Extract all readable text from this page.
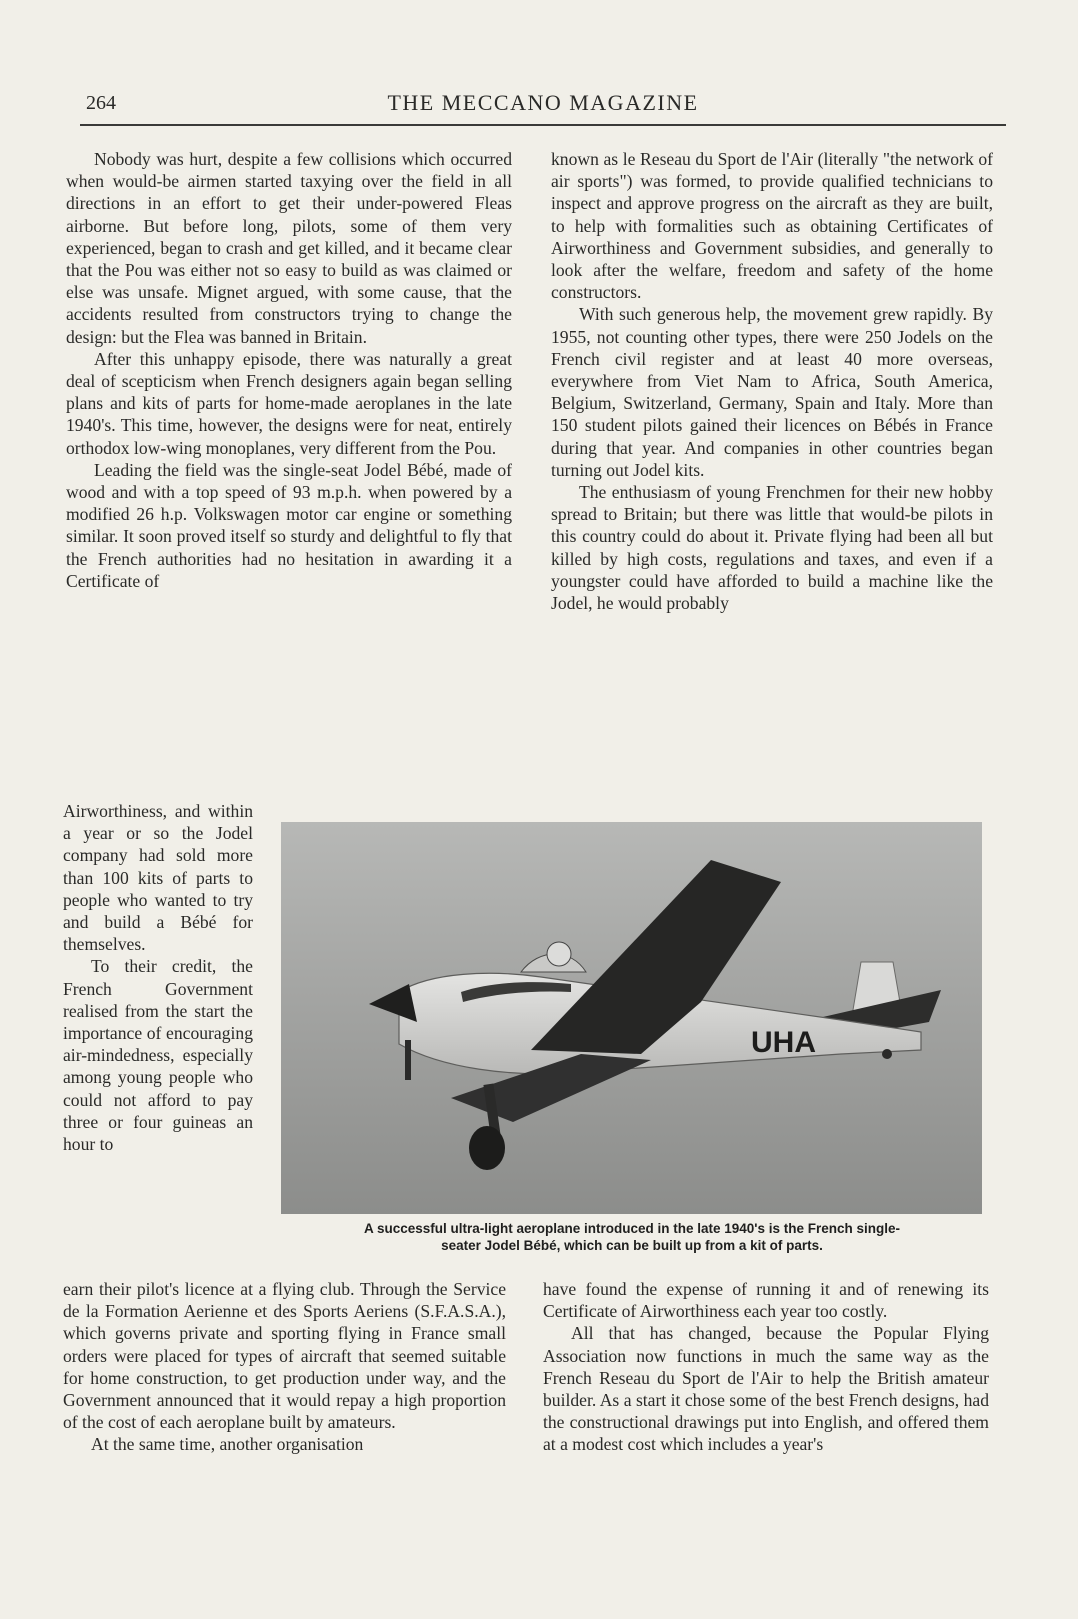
264	THE MECCANO MAGAZINE

Nobody was hurt, despite a few collisions which occurred when would-be airmen started taxying over the field in all directions in an effort to get their under-powered Fleas airborne. But before long, pilots, some of them very experienced, began to crash and get killed, and it became clear that the Pou was either not so easy to build as was claimed or else was unsafe. Mignet argued, with some cause, that the accidents resulted from constructors trying to change the design: but the Flea was banned in Britain.

After this unhappy episode, there was naturally a great deal of scepticism when French designers again began selling plans and kits of parts for home-made aeroplanes in the late 1940's. This time, however, the designs were for neat, entirely orthodox low-wing monoplanes, very different from the Pou.

Leading the field was the single-seat Jodel Bébé, made of wood and with a top speed of 93 m.p.h. when powered by a modified 26 h.p. Volkswagen motor car engine or something similar. It soon proved itself so sturdy and delightful to fly that the French authorities had no hesitation in awarding it a Certificate of

known as le Reseau du Sport de l'Air (literally "the network of air sports") was formed, to provide qualified technicians to inspect and approve progress on the aircraft as they are built, to help with formalities such as obtaining Certificates of Airworthiness and Government subsidies, and generally to look after the welfare, freedom and safety of the home constructors.

With such generous help, the movement grew rapidly. By 1955, not counting other types, there were 250 Jodels on the French civil register and at least 40 more overseas, everywhere from Viet Nam to Africa, South America, Belgium, Switzerland, Germany, Spain and Italy. More than 150 student pilots gained their licences on Bébés in France during that year. And companies in other countries began turning out Jodel kits.

The enthusiasm of young Frenchmen for their new hobby spread to Britain; but there was little that would-be pilots in this country could do about it. Private flying had been all but killed by high costs, regulations and taxes, and even if a youngster could have afforded to build a machine like the Jodel, he would probably

Airworthiness, and within a year or so the Jodel company had sold more than 100 kits of parts to people who wanted to try and build a Bébé for themselves.

To their credit, the French Government realised from the start the importance of encouraging air-mindedness, especially among young people who could not afford to pay three or four guineas an hour to

UHA
A successful ultra-light aeroplane introduced in the late 1940's is the French single-
seater Jodel Bébé, which can be built up from a kit of parts.

earn their pilot's licence at a flying club. Through the Service de la Formation Aerienne et des Sports Aeriens (S.F.A.S.A.), which governs private and sporting flying in France small orders were placed for types of aircraft that seemed suitable for home construction, to get production under way, and the Government announced that it would repay a high proportion of the cost of each aeroplane built by amateurs.

At the same time, another organisation

have found the expense of running it and of renewing its Certificate of Airworthiness each year too costly.

All that has changed, because the Popular Flying Association now functions in much the same way as the French Reseau du Sport de l'Air to help the British amateur builder. As a start it chose some of the best French designs, had the constructional drawings put into English, and offered them at a modest cost which includes a year's
